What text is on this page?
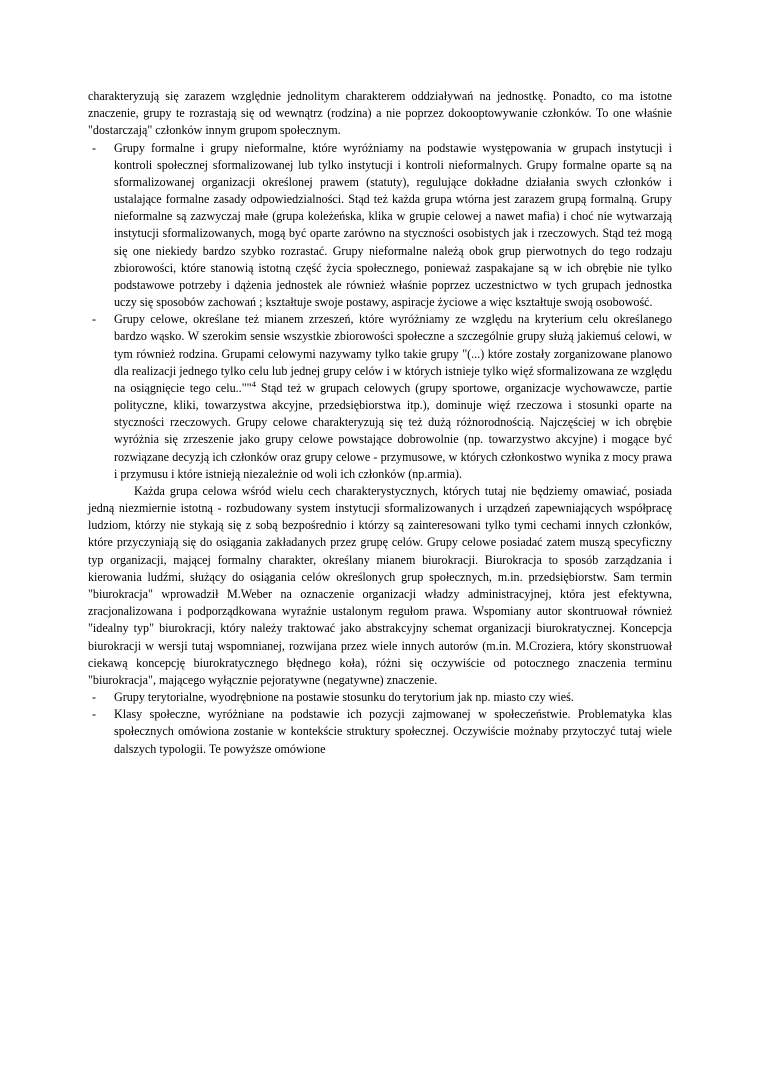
charakteryzują się zarazem względnie jednolitym charakterem oddziaływań na jednostkę. Ponadto, co ma istotne znaczenie, grupy te rozrastają się od wewnątrz (rodzina) a nie poprzez dokooptowywanie członków. To one właśnie "dostarczają" członków innym grupom społecznym.

-	Grupy formalne i grupy nieformalne, które wyróżniamy na podstawie występowania w grupach instytucji i kontroli społecznej sformalizowanej lub tylko instytucji i kontroli nieformalnych. Grupy formalne oparte są na sformalizowanej organizacji określonej prawem (statuty), regulujące dokładne działania swych członków i ustalające formalne zasady odpowiedzialności. Stąd też każda grupa wtórna jest zarazem grupą formalną. Grupy nieformalne są zazwyczaj małe (grupa koleżeńska, klika w grupie celowej a nawet mafia) i choć nie wytwarzają instytucji sformalizowanych, mogą być oparte zarówno na styczności osobistych jak i rzeczowych. Stąd też mogą się one niekiedy bardzo szybko rozrastać. Grupy nieformalne należą obok grup pierwotnych do tego rodzaju zbiorowości, które stanowią istotną część życia społecznego, ponieważ zaspakajane są w ich obrębie nie tylko podstawowe potrzeby i dążenia jednostek ale również właśnie poprzez uczestnictwo w tych grupach jednostka uczy się sposobów zachowań ; kształtuje swoje postawy, aspiracje życiowe a więc kształtuje swoją osobowość.
-	Grupy celowe, określane też mianem zrzeszeń, które wyróżniamy ze względu na kryterium celu określanego bardzo wąsko. W szerokim sensie wszystkie zbiorowości społeczne a szczególnie grupy służą jakiemuś celowi, w tym również rodzina. Grupami celowymi nazywamy tylko takie grupy "(...) które zostały zorganizowane planowo dla realizacji jednego tylko celu lub jednej grupy celów i w których istnieje tylko więź sformalizowana ze względu na osiągnięcie tego celu..""$^4$ Stąd też w grupach celowych (grupy sportowe, organizacje wychowawcze, partie polityczne, kliki, towarzystwa akcyjne, przedsiębiorstwa itp.), dominuje więź rzeczowa i stosunki oparte na styczności rzeczowych. Grupy celowe charakteryzują się też dużą różnorodnością. Najczęściej w ich obrębie wyróżnia się zrzeszenie jako grupy celowe powstające dobrowolnie (np. towarzystwo akcyjne) i mogące być rozwiązane decyzją ich członków oraz grupy celowe - przymusowe, w których członkostwo wynika z mocy prawa i przymusu i które istnieją niezależnie od woli ich członków (np.armia).

Każda grupa celowa wśród wielu cech charakterystycznych, których tutaj nie będziemy omawiać, posiada jedną niezmiernie istotną - rozbudowany system instytucji sformalizowanych i urządzeń zapewniających współpracę ludziom, którzy nie stykają się z sobą bezpośrednio i którzy są zainteresowani tylko tymi cechami innych członków, które przyczyniają się do osiągania zakładanych przez grupę celów. Grupy celowe posiadać zatem muszą specyficzny typ organizacji, mającej formalny charakter, określany mianem biurokracji. Biurokracja to sposób zarządzania i kierowania ludźmi, służący do osiągania celów określonych grup społecznych, m.in. przedsiębiorstw. Sam termin "biurokracja" wprowadził M.Weber na oznaczenie organizacji władzy administracyjnej, która jest efektywna, zracjonalizowana i podporządkowana wyraźnie ustalonym regułom prawa. Wspomiany autor skontruował również "idealny typ" biurokracji, który należy traktować jako abstrakcyjny schemat organizacji biurokratycznej. Koncepcja biurokracji w wersji tutaj wspomnianej, rozwijana przez wiele innych autorów (m.in. M.Croziera, który skonstruował ciekawą koncepcję biurokratycznego błędnego koła), różni się oczywiście od potocznego znaczenia terminu "biurokracja", mającego wyłącznie pejoratywne (negatywne) znaczenie.

-	Grupy terytorialne, wyodrębnione na postawie stosunku do terytorium jak np. miasto czy wieś.
-	Klasy społeczne, wyróżniane na podstawie ich pozycji zajmowanej w społeczeństwie. Problematyka klas społecznych omówiona zostanie w kontekście struktury społecznej. Oczywiście możnaby przytoczyć tutaj wiele dalszych typologii. Te powyższe omówione
